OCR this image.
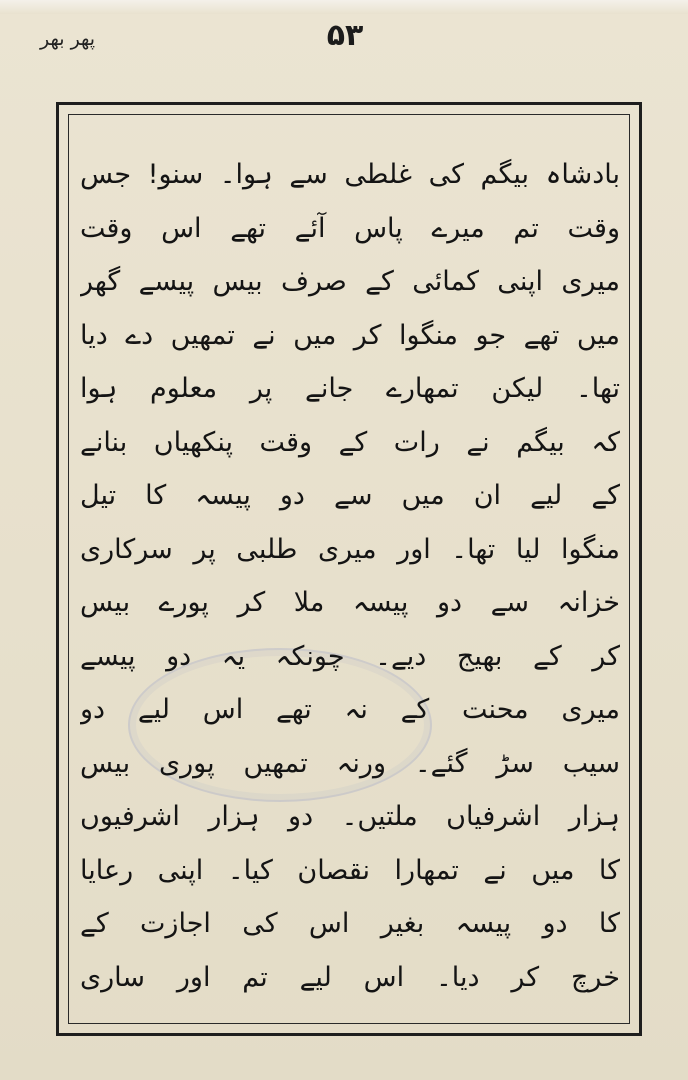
پھر بھر	۵۳
بادشاہ بیگم کی غلطی سے ہوا۔ سنو! جس
وقت تم میرے پاس آئے تھے اس وقت
میری اپنی کمائی کے صرف بیس پیسے گھر
میں تھے جو منگوا کر میں نے تمھیں دے دیا
تھا۔ لیکن تمھارے جانے پر معلوم ہوا
کہ بیگم نے رات کے وقت پنکھیاں بنانے
کے لیے ان میں سے دو پیسہ کا تیل
منگوا لیا تھا۔ اور میری طلبی پر سرکاری
خزانہ سے دو پیسہ ملا کر پورے بیس
کر کے بھیج دیے۔ چونکہ یہ دو پیسے
میری محنت کے نہ تھے اس لیے دو
سیب سڑ گئے۔ ورنہ تمھیں پوری بیس
ہزار اشرفیاں ملتیں۔ دو ہزار اشرفیوں
کا میں نے تمھارا نقصان کیا۔ اپنی رعایا
کا دو پیسہ بغیر اس کی اجازت کے
خرچ کر دیا۔ اس لیے تم اور ساری
